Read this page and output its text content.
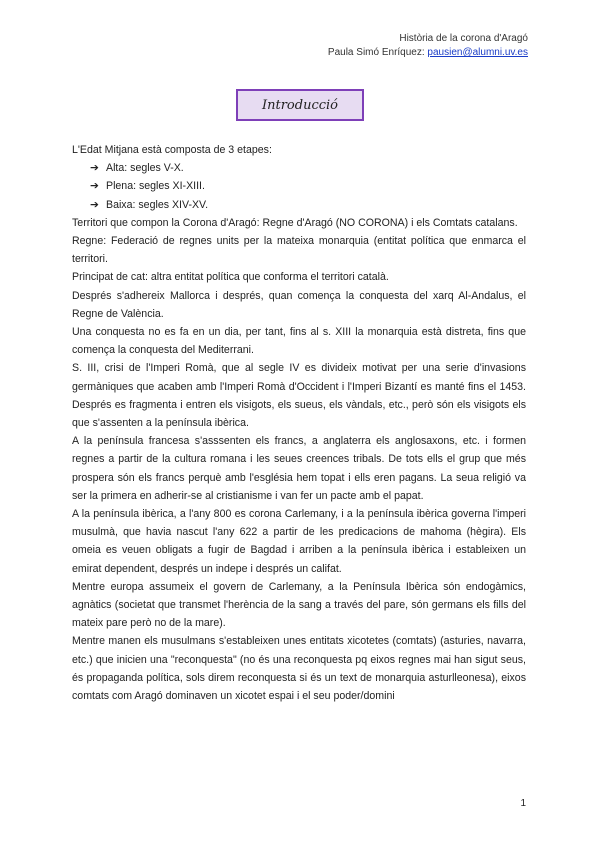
Història de la corona d'Aragó
Paula Simó Enríquez: pausien@alumni.uv.es
Introducció

L'Edat Mitjana està composta de 3 etapes:

➔ Alta: segles V-X.
➔ Plena: segles XI-XIII.
➔ Baixa: segles XIV-XV.

Territori que compon la Corona d'Aragó: Regne d'Aragó (NO CORONA) i els Comtats catalans.

Regne: Federació de regnes units per la mateixa monarquia (entitat política que enmarca el territori.

Principat de cat: altra entitat política que conforma el territori català.

Després s'adhereix Mallorca i després, quan comença la conquesta del xarq Al-Andalus, el Regne de València.

Una conquesta no es fa en un dia, per tant, fins al s. XIII la monarquia està distreta, fins que comença la conquesta del Mediterrani.

S. III, crisi de l'Imperi Romà, que al segle IV es divideix motivat per una serie d'invasions germàniques que acaben amb l'Imperi Romà d'Occident i l'Imperi Bizantí es manté fins el 1453. Després es fragmenta i entren els visigots, els sueus, els vàndals, etc., però són els visigots els que s'assenten a la península ibèrica.

A la península francesa s'asssenten els francs, a anglaterra els anglosaxons, etc. i formen regnes a partir de la cultura romana i les seues creences tribals. De tots ells el grup que més prospera són els francs perquè amb l'església hem topat i ells eren pagans. La seua religió va ser la primera en adherir-se al cristianisme i van fer un pacte amb el papat.

A la península ibèrica, a l'any 800 es corona Carlemany, i a la península ibèrica governa l'imperi musulmà, que havia nascut l'any 622 a partir de les predicacions de mahoma (hègira). Els omeia es veuen obligats a fugir de Bagdad i arriben a la península ibèrica i estableixen un emirat dependent, després un indepe i després un califat.

Mentre europa assumeix el govern de Carlemany, a la Península Ibèrica són endogàmics, agnàtics (societat que transmet l'herència de la sang a través del pare, són germans els fills del mateix pare però no de la mare).

Mentre manen els musulmans s'estableixen unes entitats xicotetes (comtats) (asturies, navarra, etc.) que inicien una "reconquesta" (no és una reconquesta pq eixos regnes mai han sigut seus, és propaganda política, sols direm reconquesta si és un text de monarquia asturlleonesa), eixos comtats com Aragó dominaven un xicotet espai i el seu poder/domini

1
